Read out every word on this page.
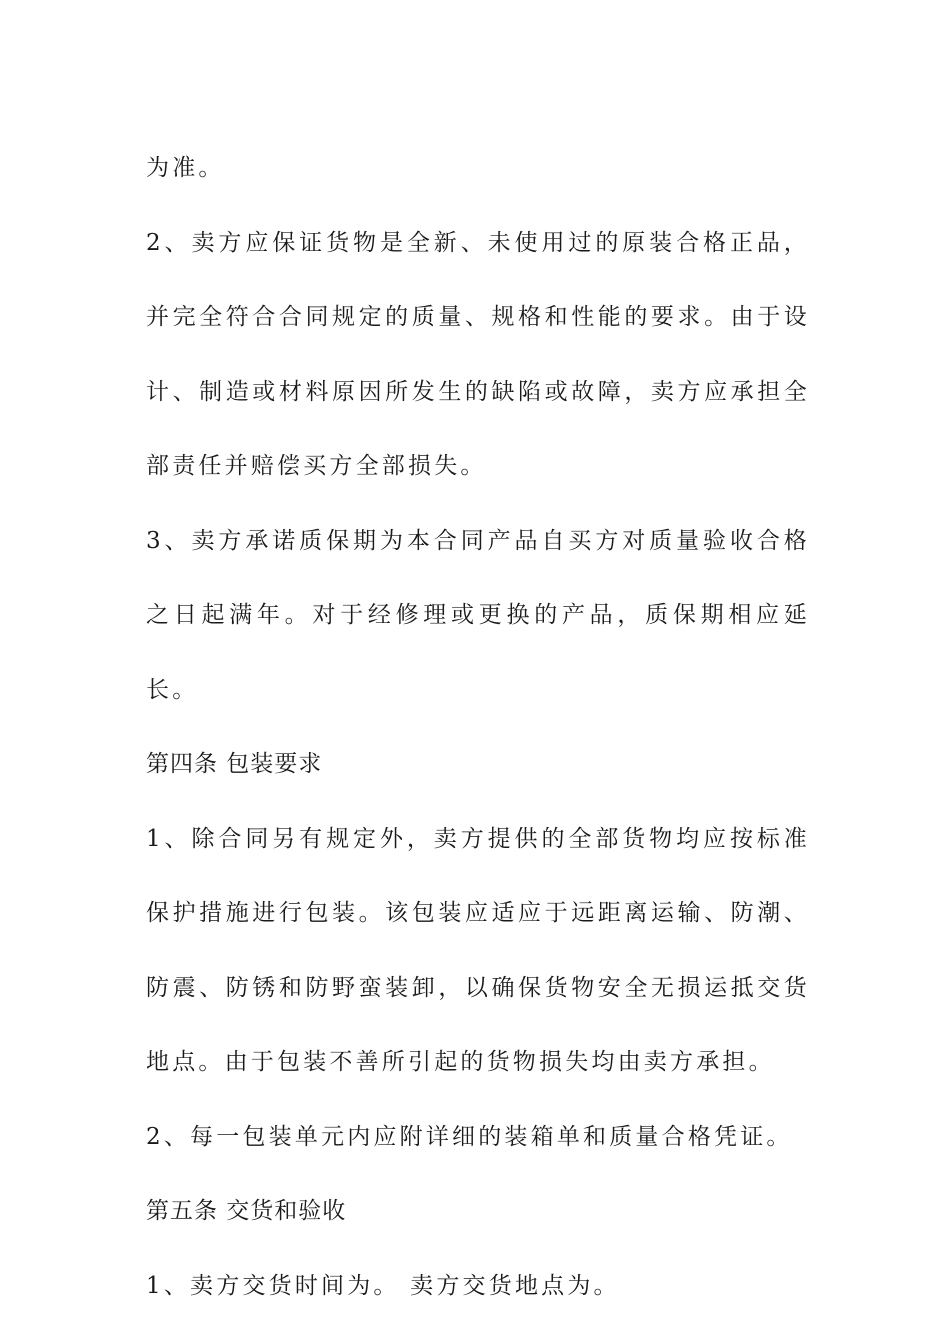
为准。

2、卖方应保证货物是全新、未使用过的原装合格正品，并完全符合合同规定的质量、规格和性能的要求。由于设计、制造或材料原因所发生的缺陷或故障，卖方应承担全部责任并赔偿买方全部损失。

3、卖方承诺质保期为本合同产品自买方对质量验收合格之日起满年。对于经修理或更换的产品，质保期相应延长。

第四条 包装要求

1、除合同另有规定外，卖方提供的全部货物均应按标准保护措施进行包装。该包装应适应于远距离运输、防潮、防震、防锈和防野蛮装卸，以确保货物安全无损运抵交货地点。由于包装不善所引起的货物损失均由卖方承担。

2、每一包装单元内应附详细的装箱单和质量合格凭证。

第五条 交货和验收

1、卖方交货时间为。 卖方交货地点为。
